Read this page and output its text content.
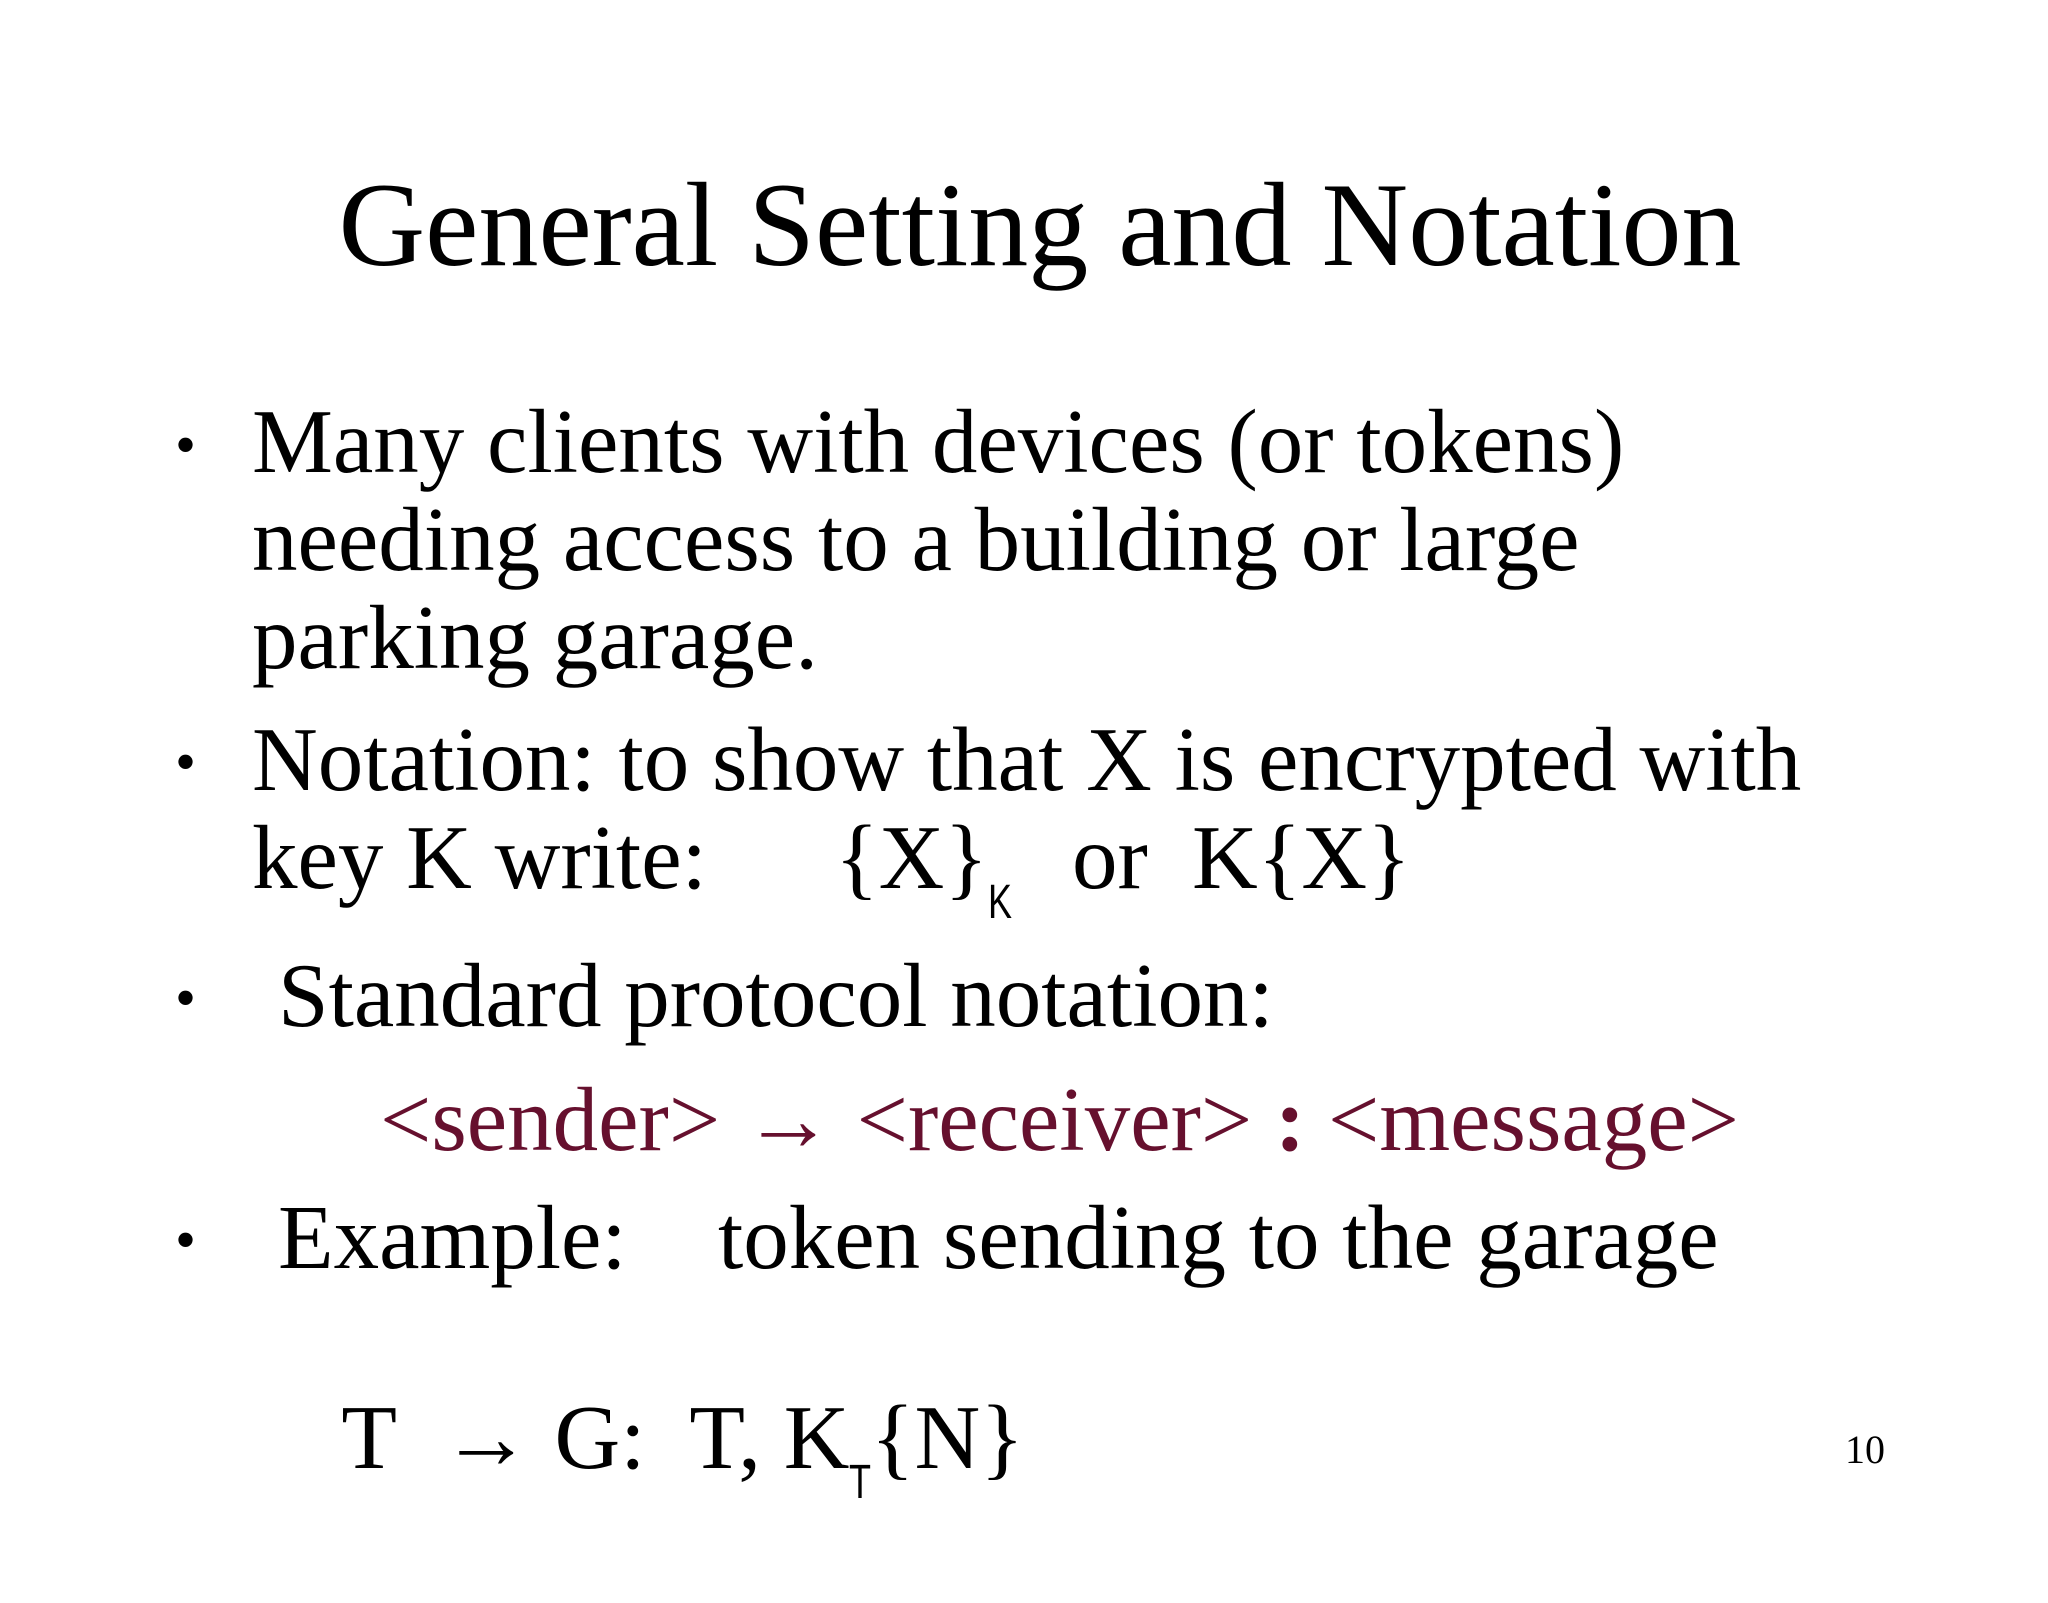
General Setting and Notation
• Many clients with devices (or tokens)
needing access to a building or large
parking garage.
• Notation: to show that X is encrypted with
key K write: {X}K or K{X}
• Standard protocol notation:
<sender> → <receiver> : <message>
• Example: token sending to the garage

T  → G:  T, KT{N}
	10
